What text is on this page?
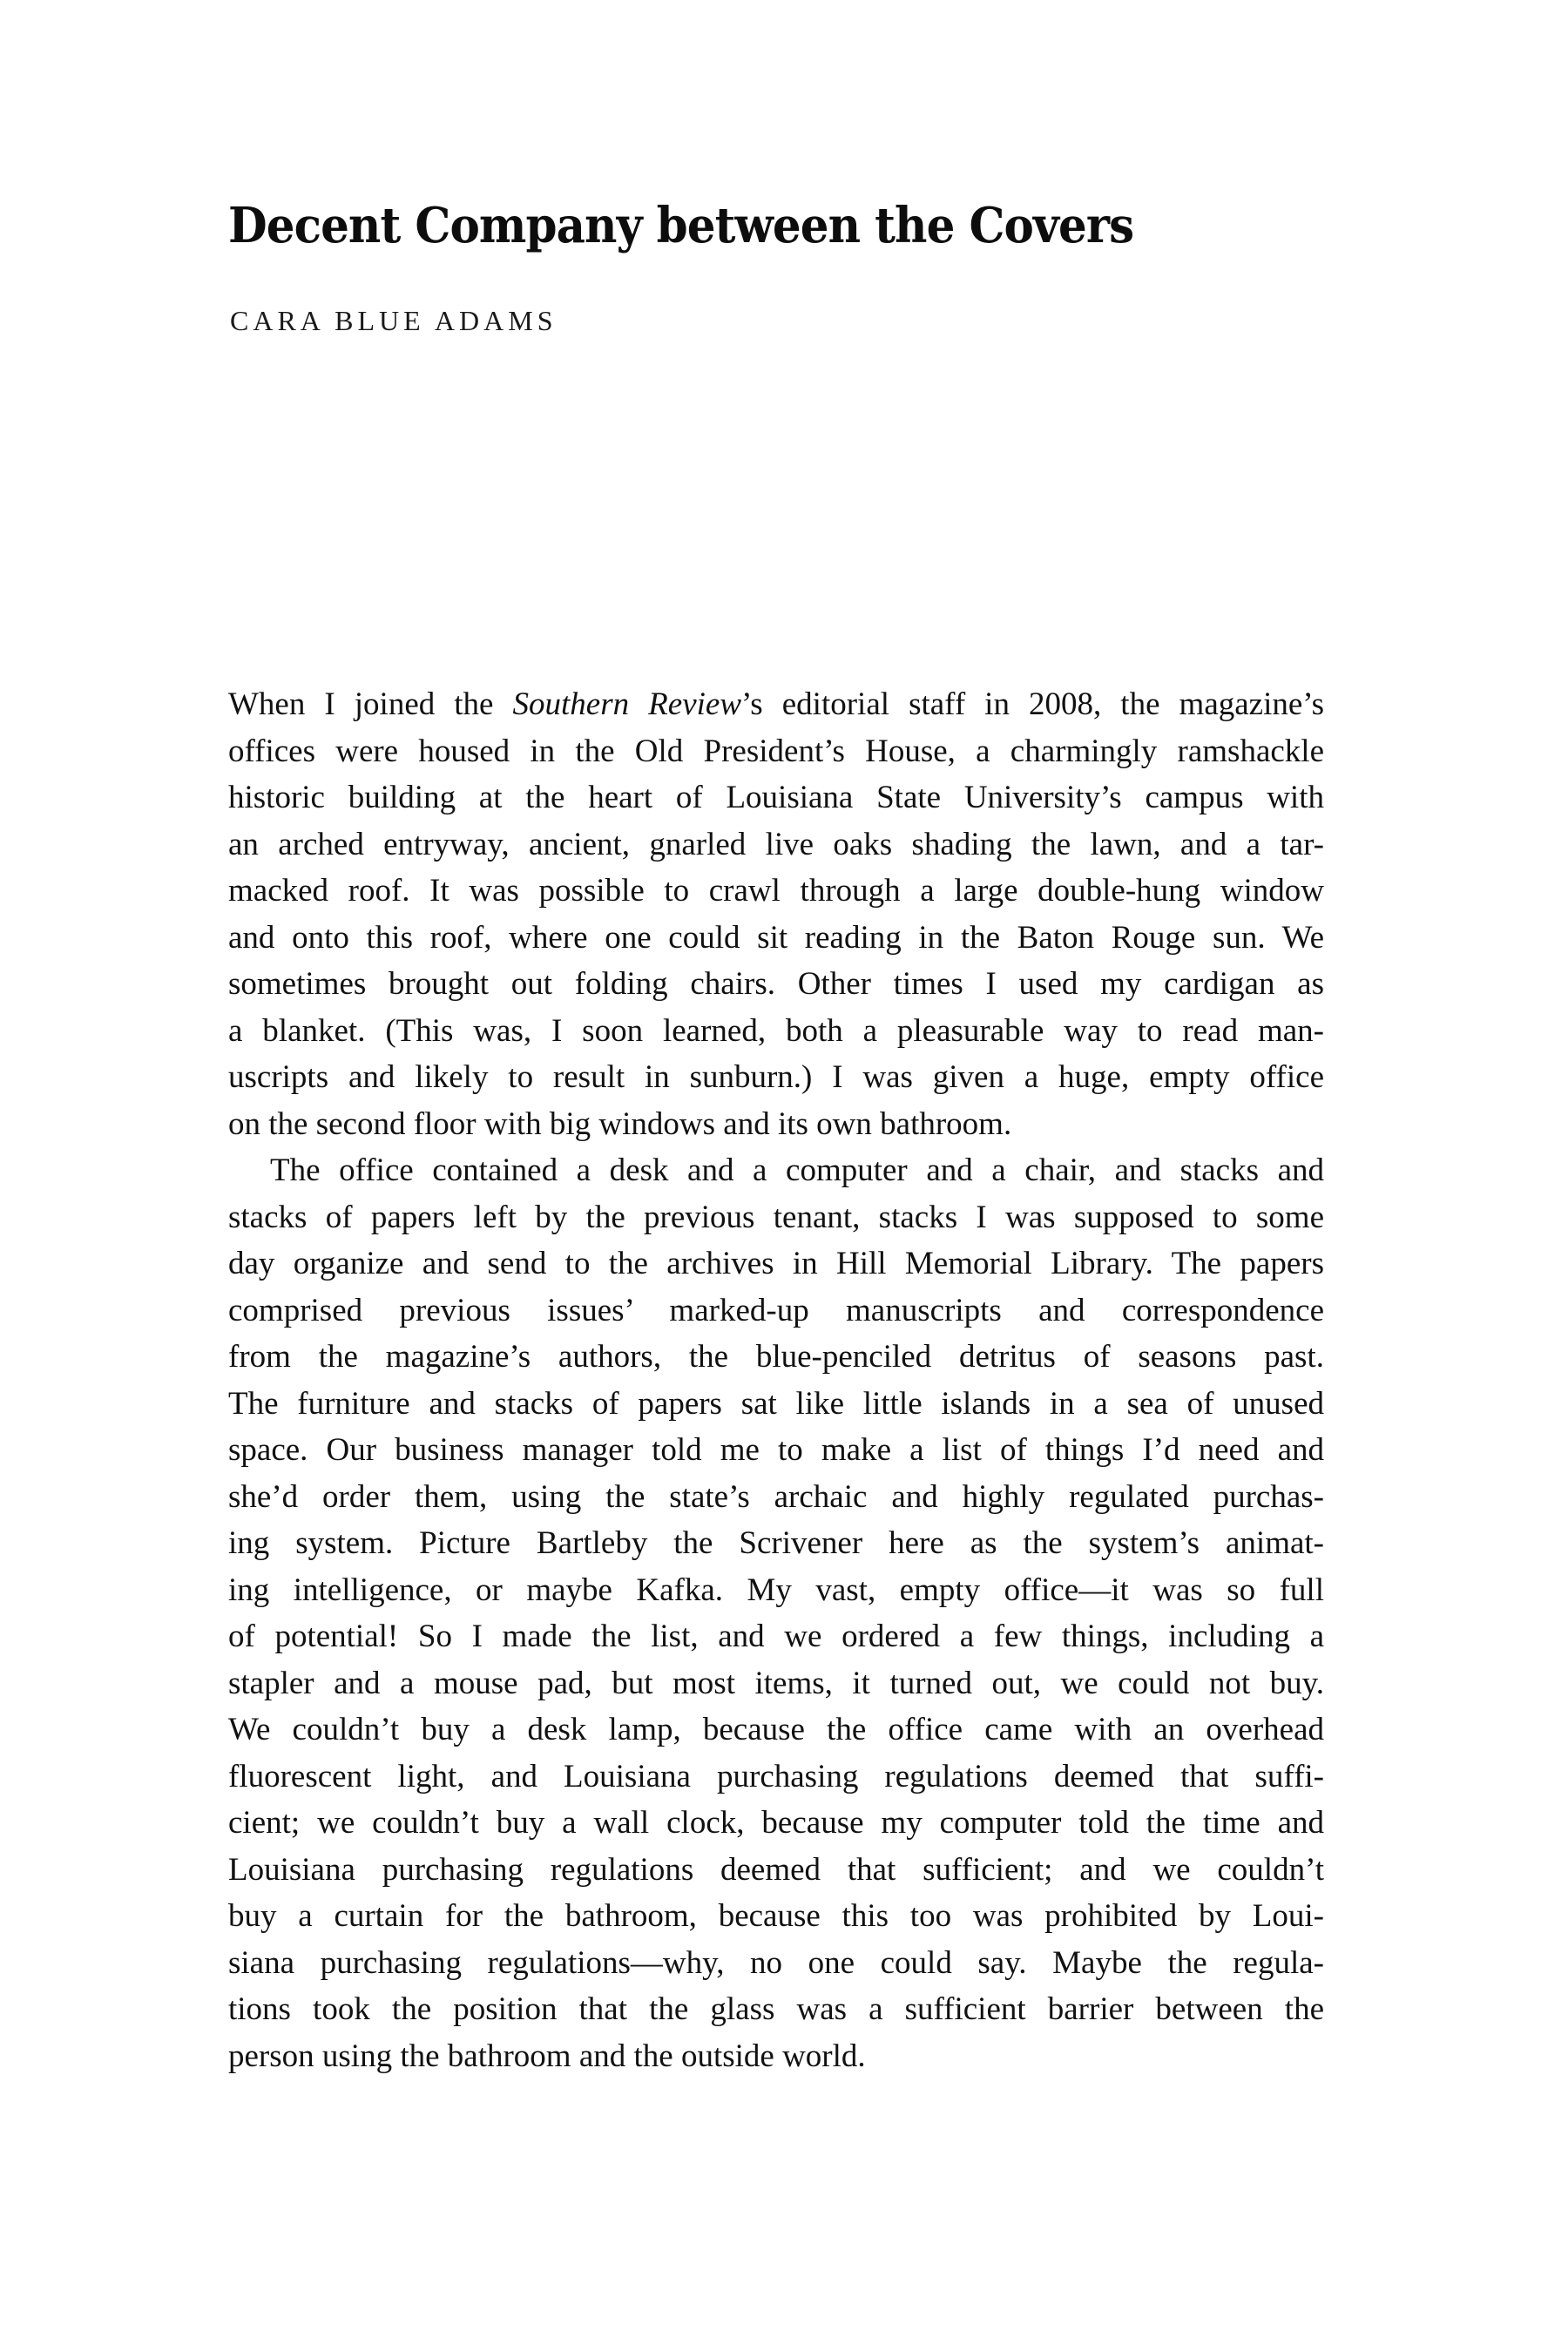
Decent Company between the Covers

CARA BLUE ADAMS

When I joined the Southern Review’s editorial staff in 2008, the magazine’s
offices were housed in the Old President’s House, a charmingly ramshackle
historic building at the heart of Louisiana State University’s campus with
an arched entryway, ancient, gnarled live oaks shading the lawn, and a tar-
macked roof. It was possible to crawl through a large double-hung window
and onto this roof, where one could sit reading in the Baton Rouge sun. We
sometimes brought out folding chairs. Other times I used my cardigan as
a blanket. (This was, I soon learned, both a pleasurable way to read man-
uscripts and likely to result in sunburn.) I was given a huge, empty office
on the second floor with big windows and its own bathroom.
The office contained a desk and a computer and a chair, and stacks and
stacks of papers left by the previous tenant, stacks I was supposed to some
day organize and send to the archives in Hill Memorial Library. The papers
comprised previous issues’ marked-up manuscripts and correspondence
from the magazine’s authors, the blue-penciled detritus of seasons past.
The furniture and stacks of papers sat like little islands in a sea of unused
space. Our business manager told me to make a list of things I’d need and
she’d order them, using the state’s archaic and highly regulated purchas-
ing system. Picture Bartleby the Scrivener here as the system’s animat-
ing intelligence, or maybe Kafka. My vast, empty office—it was so full
of potential! So I made the list, and we ordered a few things, including a
stapler and a mouse pad, but most items, it turned out, we could not buy.
We couldn’t buy a desk lamp, because the office came with an overhead
fluorescent light, and Louisiana purchasing regulations deemed that suffi-
cient; we couldn’t buy a wall clock, because my computer told the time and
Louisiana purchasing regulations deemed that sufficient; and we couldn’t
buy a curtain for the bathroom, because this too was prohibited by Loui-
siana purchasing regulations—why, no one could say. Maybe the regula-
tions took the position that the glass was a sufficient barrier between the
person using the bathroom and the outside world.
